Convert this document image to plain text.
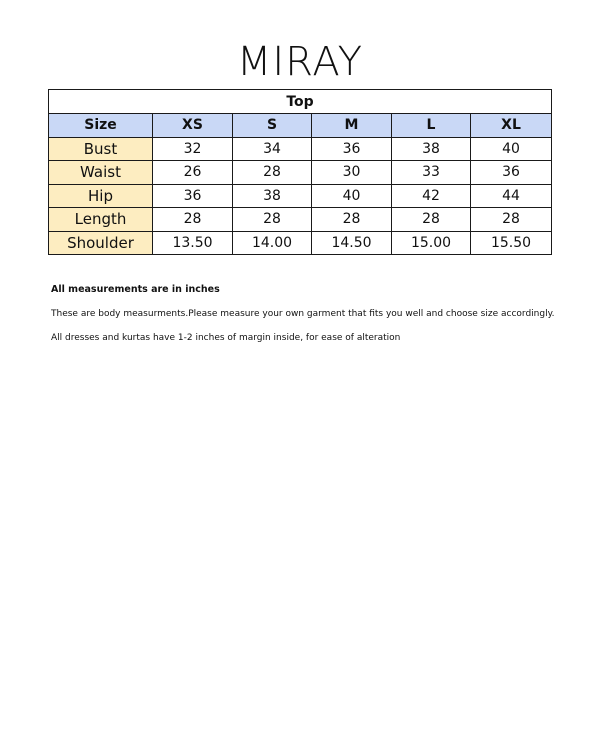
MIRAY
Top					
Size	XS	S	M	L	XL
Bust	32	34	36	38	40
Waist	26	28	30	33	36
Hip	36	38	40	42	44
Length	28	28	28	28	28
Shoulder	13.50	14.00	14.50	15.00	15.50
All measurements are in inches
These are body measurments.Please measure your own garment that fits you well and choose size accordingly.
All dresses and kurtas have 1-2 inches of margin inside, for ease of alteration
